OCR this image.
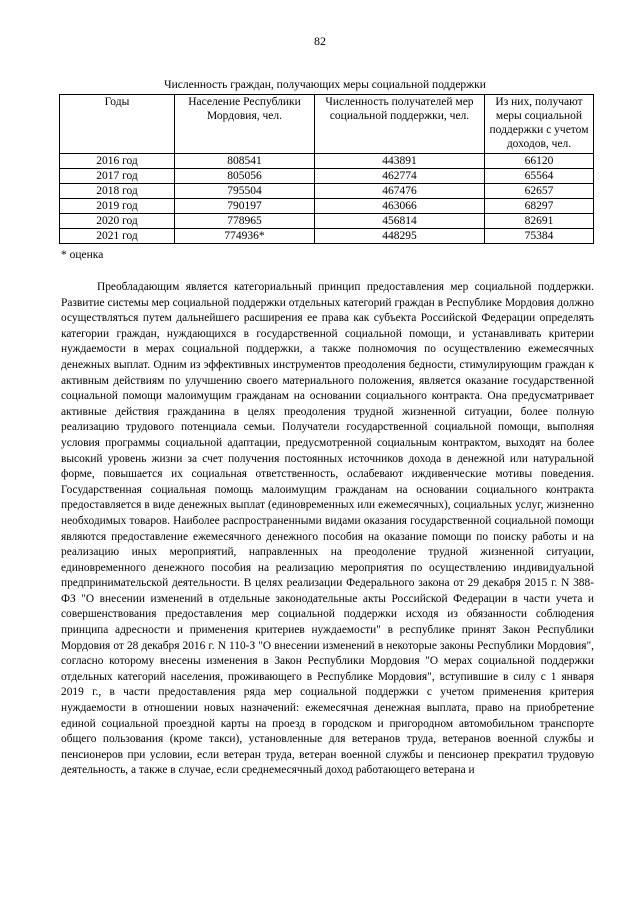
82
Численность граждан, получающих меры социальной поддержки
Годы	Население Республики Мордовия, чел.	Численность получателей мер социальной поддержки, чел.	Из них, получают меры социальной поддержки с учетом доходов, чел.
2016 год	808541	443891	66120
2017 год	805056	462774	65564
2018 год	795504	467476	62657
2019 год	790197	463066	68297
2020 год	778965	456814	82691
2021 год	774936*	448295	75384
* оценка

Преобладающим является категориальный принцип предоставления мер социальной поддержки. Развитие системы мер социальной поддержки отдельных категорий граждан в Республике Мордовия должно осуществляться путем дальнейшего расширения ее права как субъекта Российской Федерации определять категории граждан, нуждающихся в государственной социальной помощи, и устанавливать критерии нуждаемости в мерах социальной поддержки, а также полномочия по осуществлению ежемесячных денежных выплат. Одним из эффективных инструментов преодоления бедности, стимулирующим граждан к активным действиям по улучшению своего материального положения, является оказание государственной социальной помощи малоимущим гражданам на основании социального контракта. Она предусматривает активные действия гражданина в целях преодоления трудной жизненной ситуации, более полную реализацию трудового потенциала семьи. Получатели государственной социальной помощи, выполняя условия программы социальной адаптации, предусмотренной социальным контрактом, выходят на более высокий уровень жизни за счет получения постоянных источников дохода в денежной или натуральной форме, повышается их социальная ответственность, ослабевают иждивенческие мотивы поведения. Государственная социальная помощь малоимущим гражданам на основании социального контракта предоставляется в виде денежных выплат (единовременных или ежемесячных), социальных услуг, жизненно необходимых товаров. Наиболее распространенными видами оказания государственной социальной помощи являются предоставление ежемесячного денежного пособия на оказание помощи по поиску работы и на реализацию иных мероприятий, направленных на преодоление трудной жизненной ситуации, единовременного денежного пособия на реализацию мероприятия по осуществлению индивидуальной предпринимательской деятельности. В целях реализации Федерального закона от 29 декабря 2015 г. N 388-ФЗ "О внесении изменений в отдельные законодательные акты Российской Федерации в части учета и совершенствования предоставления мер социальной поддержки исходя из обязанности соблюдения принципа адресности и применения критериев нуждаемости" в республике принят Закон Республики Мордовия от 28 декабря 2016 г. N 110-З "О внесении изменений в некоторые законы Республики Мордовия", согласно которому внесены изменения в Закон Республики Мордовия "О мерах социальной поддержки отдельных категорий населения, проживающего в Республике Мордовия", вступившие в силу с 1 января 2019 г., в части предоставления ряда мер социальной поддержки с учетом применения критерия нуждаемости в отношении новых назначений: ежемесячная денежная выплата, право на приобретение единой социальной проездной карты на проезд в городском и пригородном автомобильном транспорте общего пользования (кроме такси), установленные для ветеранов труда, ветеранов военной службы и пенсионеров при условии, если ветеран труда, ветеран военной службы и пенсионер прекратил трудовую деятельность, а также в случае, если среднемесячный доход работающего ветерана и
